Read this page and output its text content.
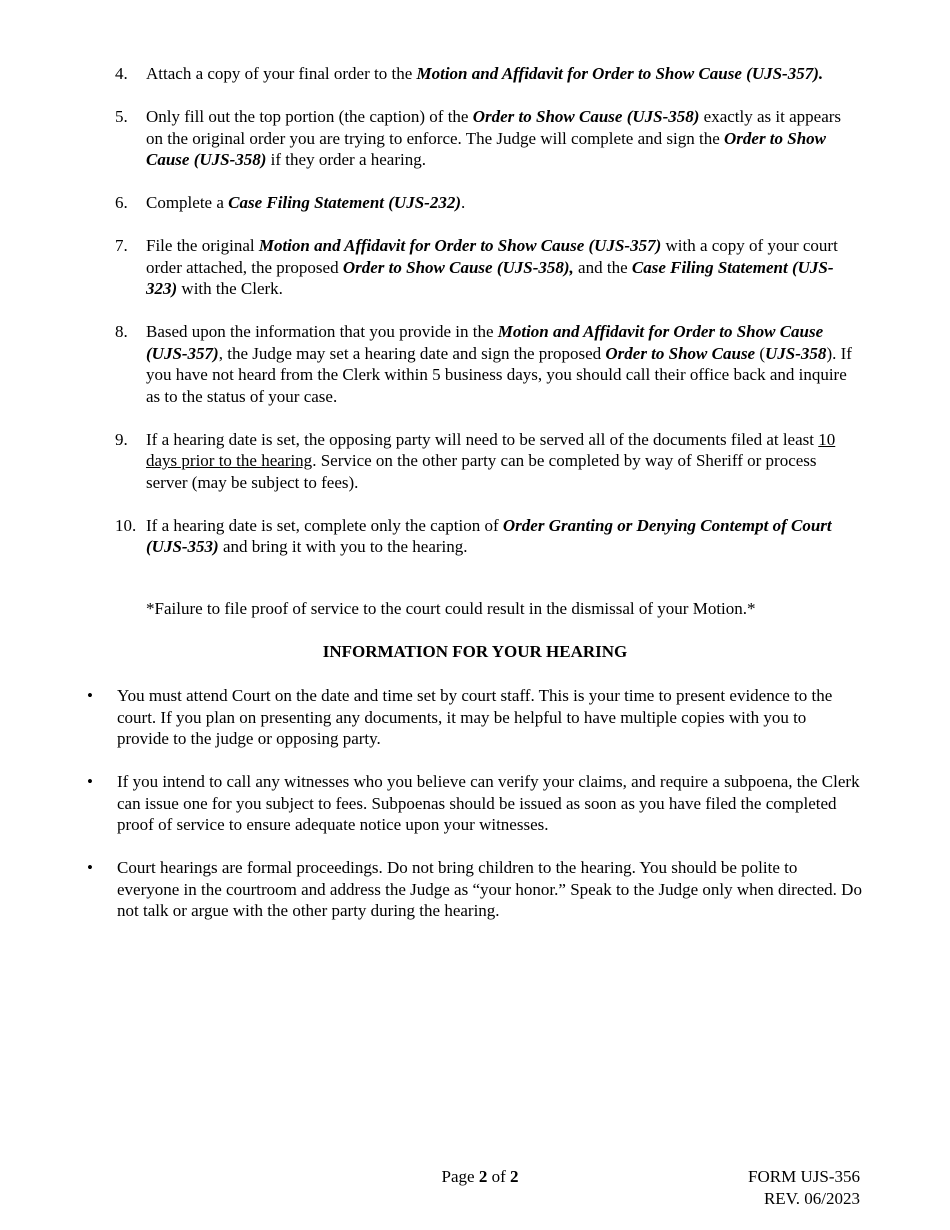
4.	Attach a copy of your final order to the Motion and Affidavit for Order to Show Cause (UJS-357).
5.	Only fill out the top portion (the caption) of the Order to Show Cause (UJS-358) exactly as it appears on the original order you are trying to enforce. The Judge will complete and sign the Order to Show Cause (UJS-358) if they order a hearing.
6.	Complete a Case Filing Statement (UJS-232).
7.	File the original Motion and Affidavit for Order to Show Cause (UJS-357) with a copy of your court order attached, the proposed Order to Show Cause (UJS-358), and the Case Filing Statement (UJS-323) with the Clerk.
8.	Based upon the information that you provide in the Motion and Affidavit for Order to Show Cause (UJS-357), the Judge may set a hearing date and sign the proposed Order to Show Cause (UJS-358). If you have not heard from the Clerk within 5 business days, you should call their office back and inquire as to the status of your case.
9.	If a hearing date is set, the opposing party will need to be served all of the documents filed at least 10 days prior to the hearing. Service on the other party can be completed by way of Sheriff or process server (may be subject to fees).
10. If a hearing date is set, complete only the caption of Order Granting or Denying Contempt of Court (UJS-353) and bring it with you to the hearing.
*Failure to file proof of service to the court could result in the dismissal of your Motion.*
INFORMATION FOR YOUR HEARING
•	You must attend Court on the date and time set by court staff. This is your time to present evidence to the court. If you plan on presenting any documents, it may be helpful to have multiple copies with you to provide to the judge or opposing party.
•	If you intend to call any witnesses who you believe can verify your claims, and require a subpoena, the Clerk can issue one for you subject to fees. Subpoenas should be issued as soon as you have filed the completed proof of service to ensure adequate notice upon your witnesses.
•	Court hearings are formal proceedings. Do not bring children to the hearing. You should be polite to everyone in the courtroom and address the Judge as “your honor.” Speak to the Judge only when directed. Do not talk or argue with the other party during the hearing.
Page 2 of 2	FORM UJS-356
REV. 06/2023
